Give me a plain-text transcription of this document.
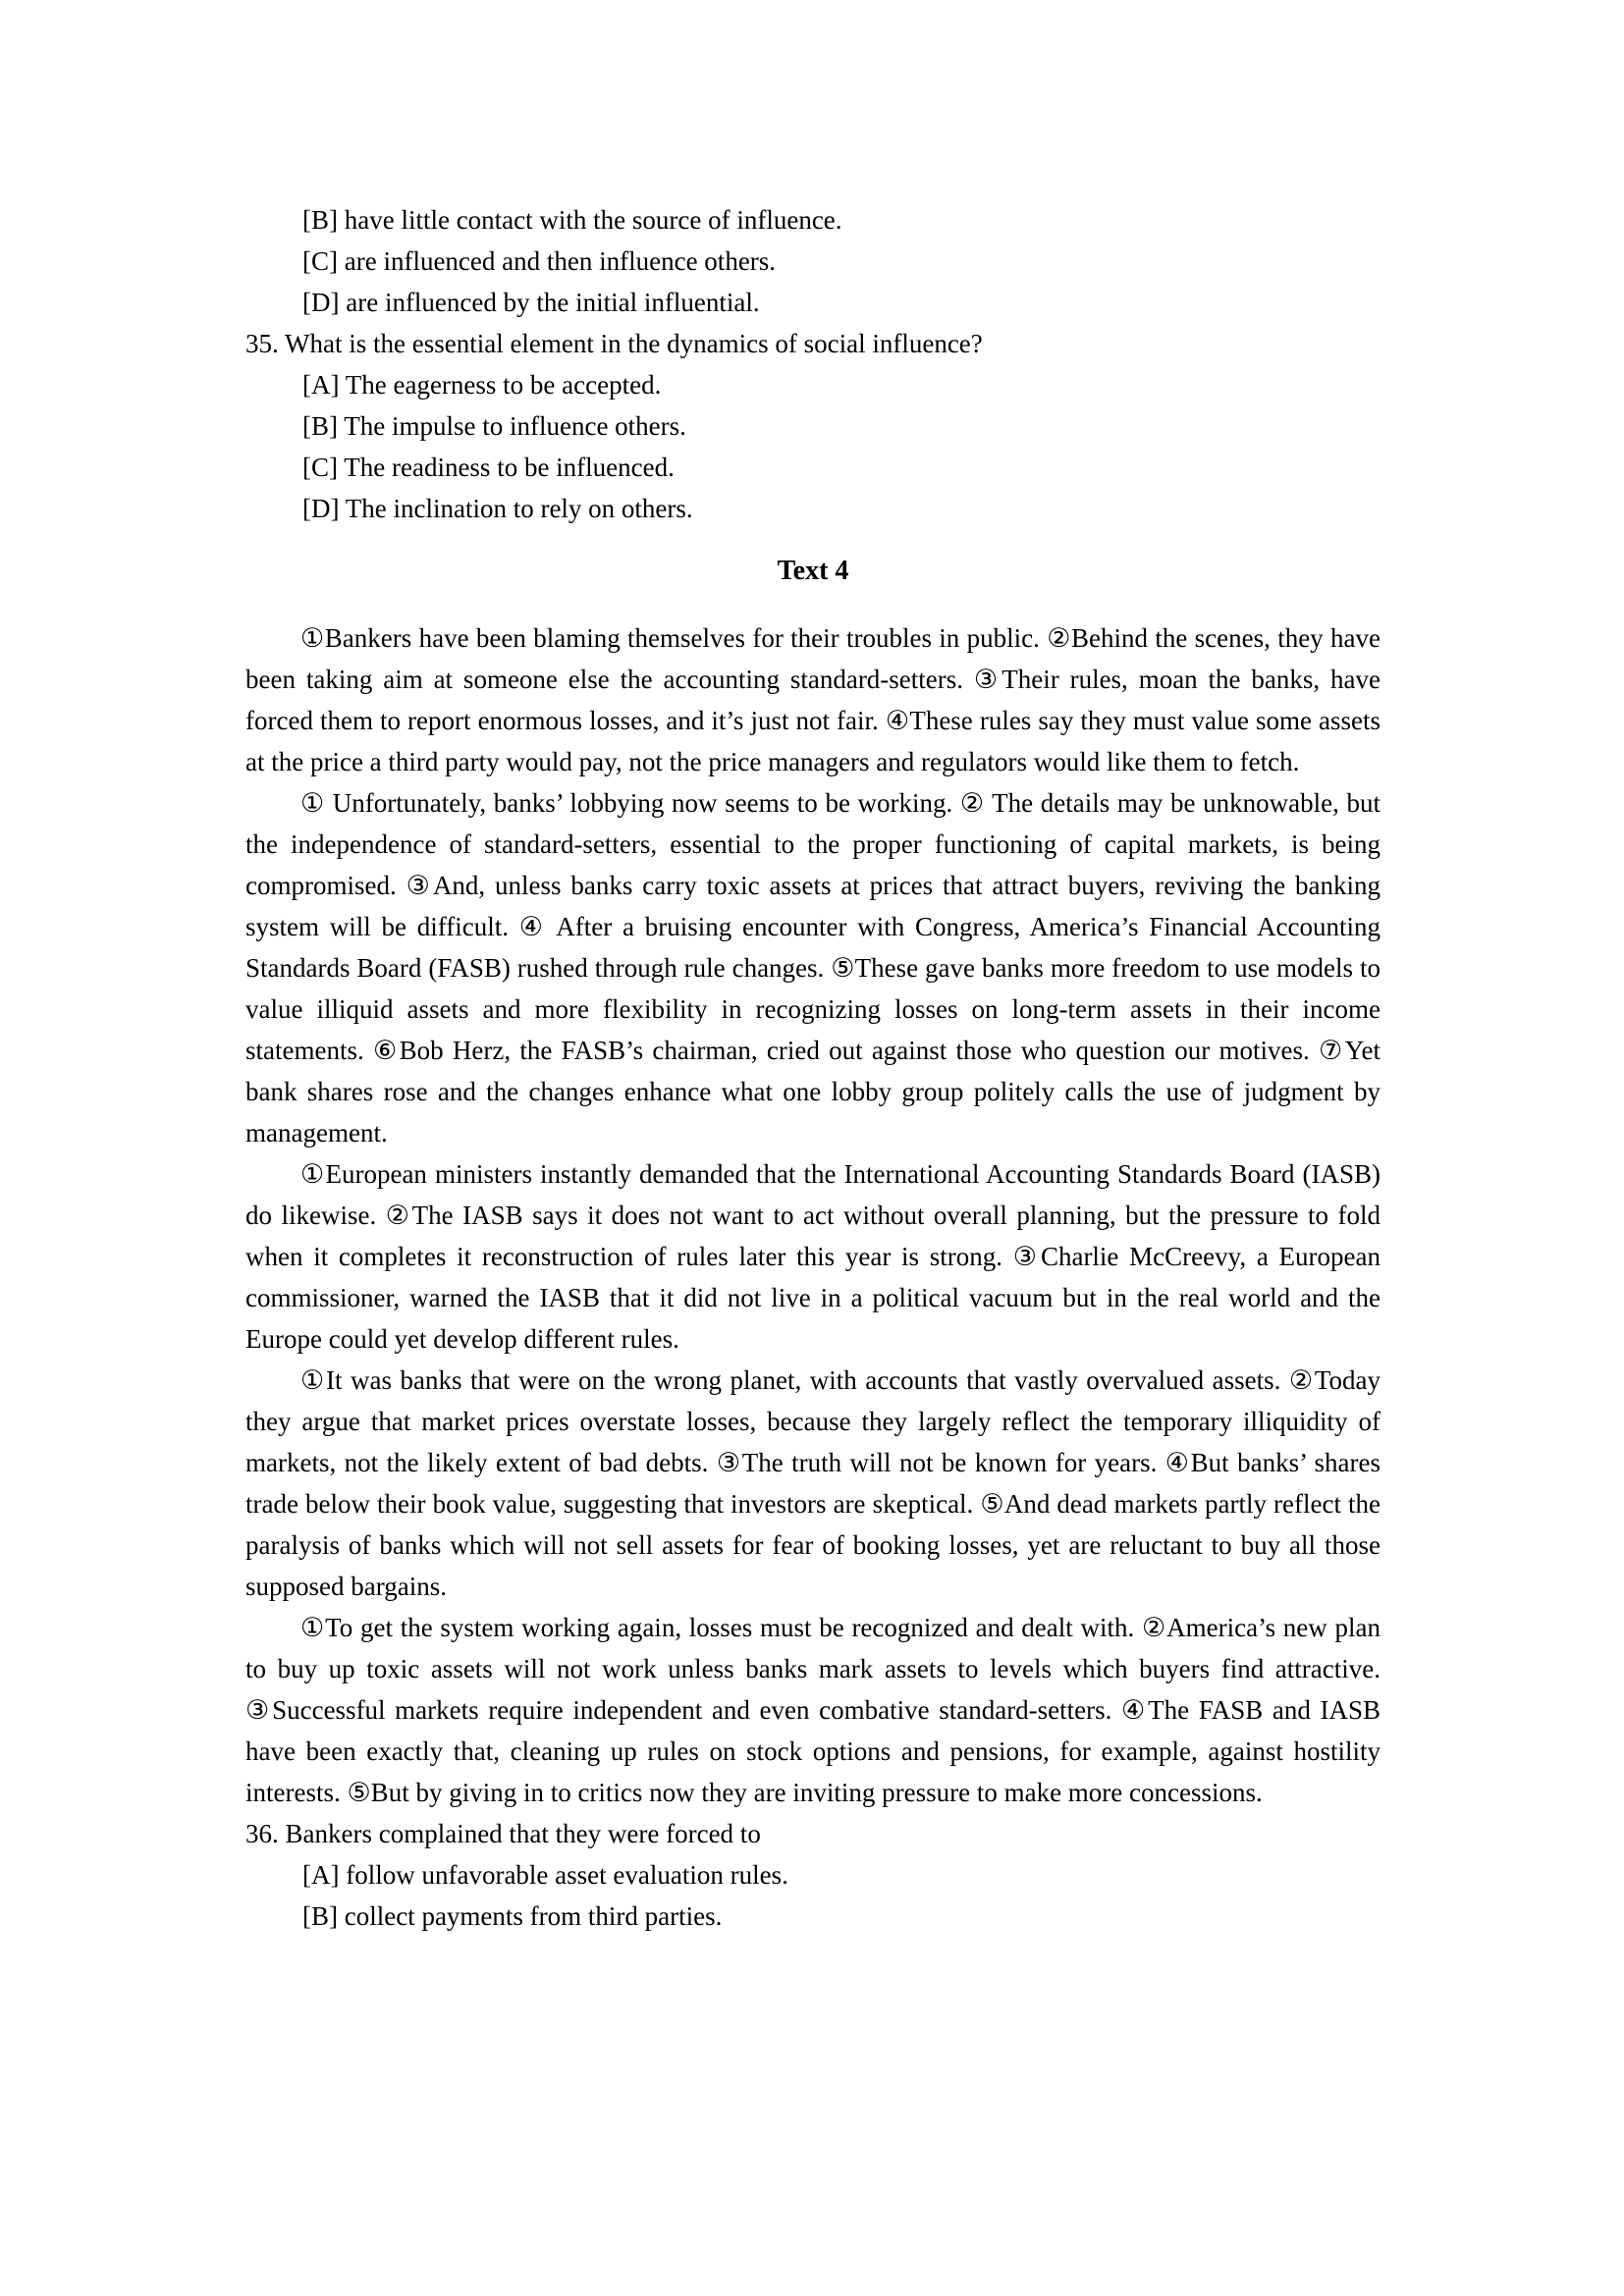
[B] have little contact with the source of influence.
[C] are influenced and then influence others.
[D] are influenced by the initial influential.
35. What is the essential element in the dynamics of social influence?
[A] The eagerness to be accepted.
[B] The impulse to influence others.
[C] The readiness to be influenced.
[D] The inclination to rely on others.
Text 4

①Bankers have been blaming themselves for their troubles in public. ②Behind the scenes, they have been taking aim at someone else the accounting standard-setters. ③Their rules, moan the banks, have forced them to report enormous losses, and it’s just not fair. ④These rules say they must value some assets at the price a third party would pay, not the price managers and regulators would like them to fetch.

① Unfortunately, banks’ lobbying now seems to be working. ② The details may be unknowable, but the independence of standard-setters, essential to the proper functioning of capital markets, is being compromised. ③And, unless banks carry toxic assets at prices that attract buyers, reviving the banking system will be difficult. ④ After a bruising encounter with Congress, America’s Financial Accounting Standards Board (FASB) rushed through rule changes. ⑤These gave banks more freedom to use models to value illiquid assets and more flexibility in recognizing losses on long-term assets in their income statements. ⑥Bob Herz, the FASB’s chairman, cried out against those who question our motives. ⑦Yet bank shares rose and the changes enhance what one lobby group politely calls the use of judgment by management.

①European ministers instantly demanded that the International Accounting Standards Board (IASB) do likewise. ②The IASB says it does not want to act without overall planning, but the pressure to fold when it completes it reconstruction of rules later this year is strong. ③Charlie McCreevy, a European commissioner, warned the IASB that it did not live in a political vacuum but in the real world and the Europe could yet develop different rules.

①It was banks that were on the wrong planet, with accounts that vastly overvalued assets. ②Today they argue that market prices overstate losses, because they largely reflect the temporary illiquidity of markets, not the likely extent of bad debts. ③The truth will not be known for years. ④But banks’ shares trade below their book value, suggesting that investors are skeptical. ⑤And dead markets partly reflect the paralysis of banks which will not sell assets for fear of booking losses, yet are reluctant to buy all those supposed bargains.

①To get the system working again, losses must be recognized and dealt with. ②America’s new plan to buy up toxic assets will not work unless banks mark assets to levels which buyers find attractive. ③Successful markets require independent and even combative standard-setters. ④The FASB and IASB have been exactly that, cleaning up rules on stock options and pensions, for example, against hostility interests. ⑤But by giving in to critics now they are inviting pressure to make more concessions.

36. Bankers complained that they were forced to
[A] follow unfavorable asset evaluation rules.
[B] collect payments from third parties.
